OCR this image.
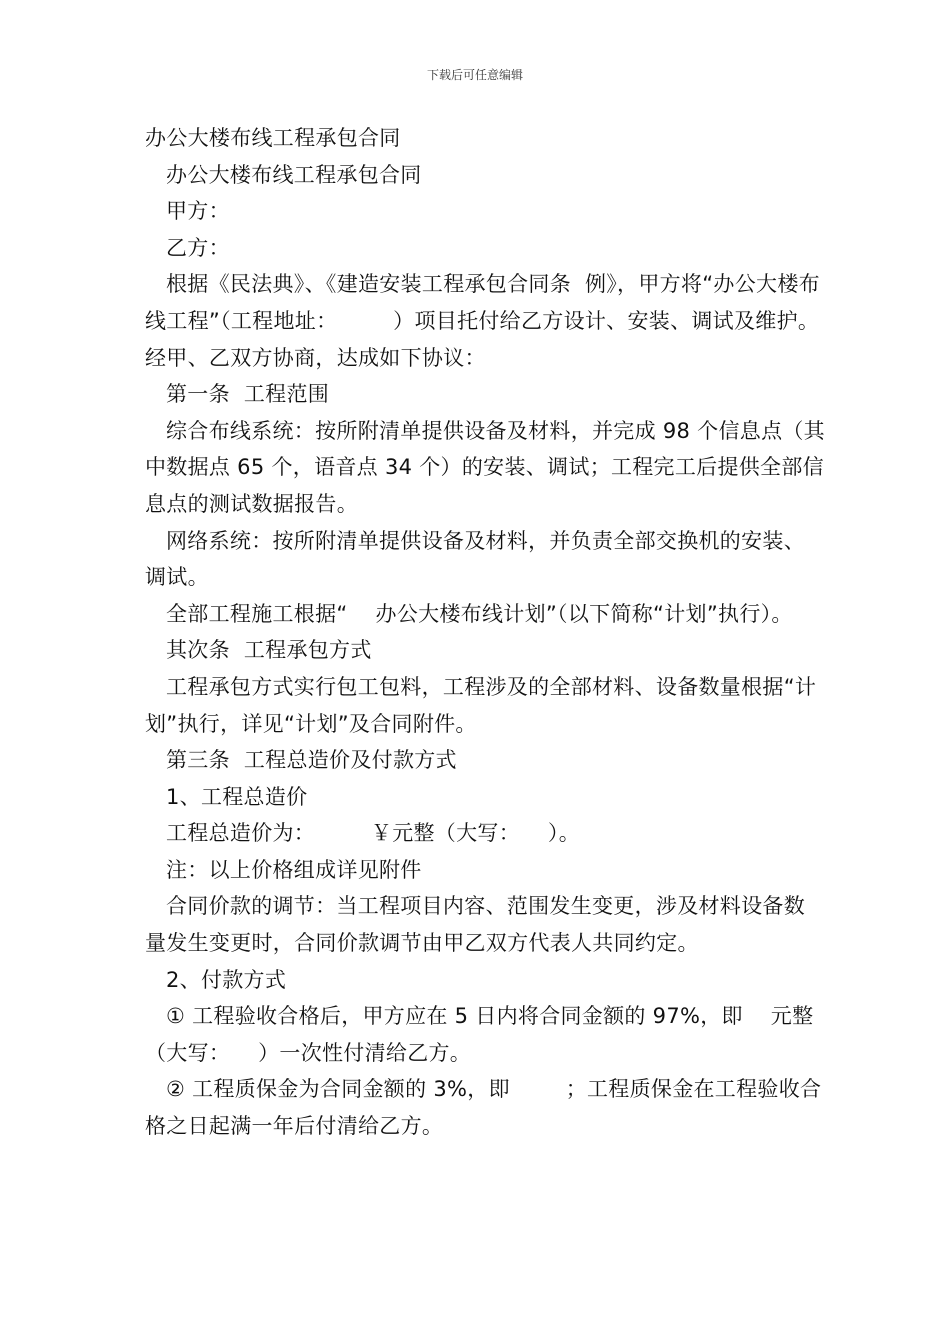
下载后可任意编辑

办公大楼布线工程承包合同

办公大楼布线工程承包合同

甲方：

乙方：

根据《民法典》、《建造安装工程承包合同条  例》，甲方将“办公大楼布线工程”（工程地址：        ）项目托付给乙方设计、安装、调试及维护。经甲、乙双方协商，达成如下协议：

第一条  工程范围

综合布线系统：按所附清单提供设备及材料，并完成 98 个信息点（其中数据点 65 个，语音点 34 个）的安装、调试；工程完工后提供全部信息点的测试数据报告。

网络系统：按所附清单提供设备及材料，并负责全部交换机的安装、调试。

全部工程施工根据“    办公大楼布线计划”（以下简称“计划”执行）。

其次条  工程承包方式

工程承包方式实行包工包料，工程涉及的全部材料、设备数量根据“计划”执行，详见“计划”及合同附件。

第三条  工程总造价及付款方式

1、工程总造价

工程总造价为：        ￥元整（大写：    ）。

注：以上价格组成详见附件

合同价款的调节：当工程项目内容、范围发生变更，涉及材料设备数量发生变更时，合同价款调节由甲乙双方代表人共同约定。

2、付款方式

① 工程验收合格后，甲方应在 5 日内将合同金额的 97%，即    元整（大写：    ）一次性付清给乙方。

② 工程质保金为合同金额的 3%，即        ；工程质保金在工程验收合格之日起满一年后付清给乙方。
